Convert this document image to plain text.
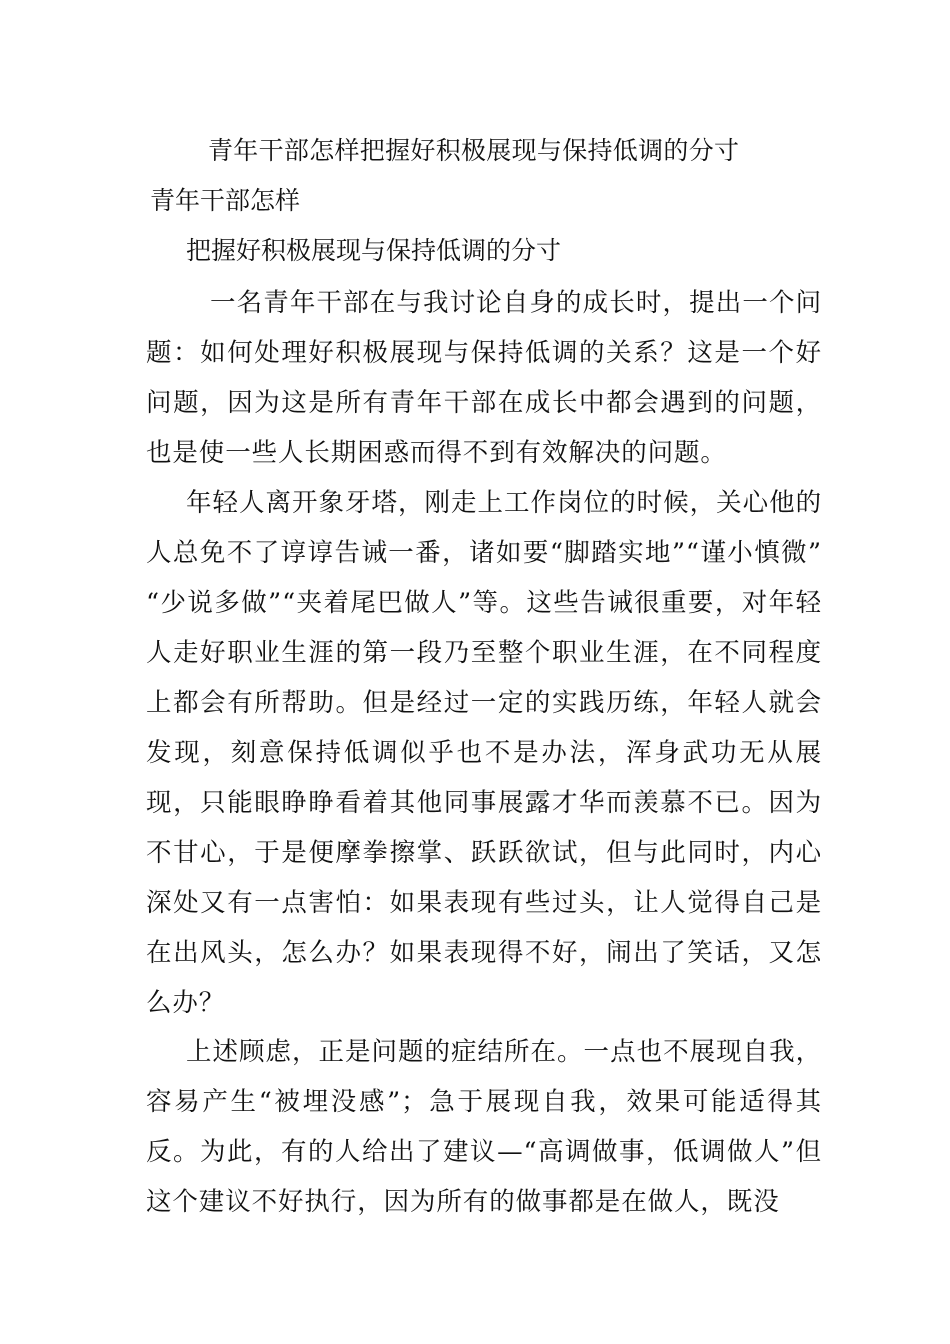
青年干部怎样把握好积极展现与保持低调的分寸
青年干部怎样
把握好积极展现与保持低调的分寸

一名青年干部在与我讨论自身的成长时，提出一个问题：如何处理好积极展现与保持低调的关系？这是一个好问题，因为这是所有青年干部在成长中都会遇到的问题，也是使一些人长期困惑而得不到有效解决的问题。

年轻人离开象牙塔，刚走上工作岗位的时候，关心他的人总免不了谆谆告诫一番，诸如要“脚踏实地”“谨小慎微” “少说多做”“夹着尾巴做人”等。这些告诫很重要，对年轻人走好职业生涯的第一段乃至整个职业生涯，在不同程度上都会有所帮助。但是经过一定的实践历练，年轻人就会发现，刻意保持低调似乎也不是办法，浑身武功无从展现，只能眼睁睁看着其他同事展露才华而羡慕不已。因为不甘心，于是便摩拳擦掌、跃跃欲试，但与此同时，内心深处又有一点害怕：如果表现有些过头，让人觉得自己是在出风头，怎么办？如果表现得不好，闹出了笑话，又怎么办？

上述顾虑，正是问题的症结所在。一点也不展现自我，容易产生“被埋没感”；急于展现自我，效果可能适得其反。为此，有的人给出了建议—“高调做事，低调做人”但这个建议不好执行，因为所有的做事都是在做人，既没
